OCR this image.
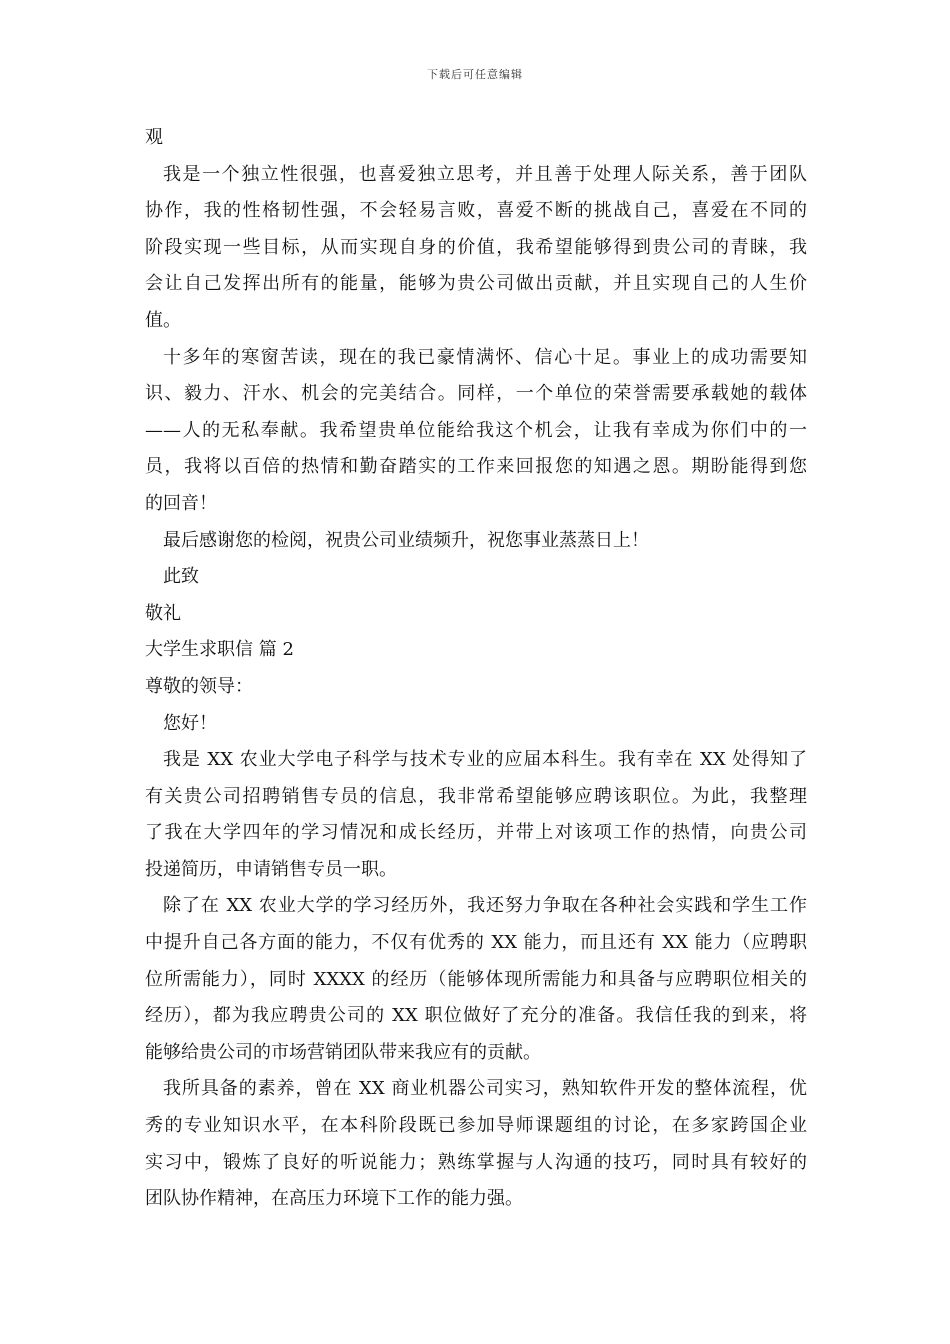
下载后可任意编辑
观
我是一个独立性很强，也喜爱独立思考，并且善于处理人际关系，善于团队
协作，我的性格韧性强，不会轻易言败，喜爱不断的挑战自己，喜爱在不同的
阶段实现一些目标，从而实现自身的价值，我希望能够得到贵公司的青睐，我
会让自己发挥出所有的能量，能够为贵公司做出贡献，并且实现自己的人生价
值。
十多年的寒窗苦读，现在的我已豪情满怀、信心十足。事业上的成功需要知
识、毅力、汗水、机会的完美结合。同样，一个单位的荣誉需要承载她的载体
——人的无私奉献。我希望贵单位能给我这个机会，让我有幸成为你们中的一
员，我将以百倍的热情和勤奋踏实的工作来回报您的知遇之恩。期盼能得到您
的回音！
最后感谢您的检阅，祝贵公司业绩频升，祝您事业蒸蒸日上！
此致
敬礼
大学生求职信 篇 2
尊敬的领导：
您好！
我是 XX 农业大学电子科学与技术专业的应届本科生。我有幸在 XX 处得知了
有关贵公司招聘销售专员的信息，我非常希望能够应聘该职位。为此，我整理
了我在大学四年的学习情况和成长经历，并带上对该项工作的热情，向贵公司
投递简历，申请销售专员一职。
除了在 XX 农业大学的学习经历外，我还努力争取在各种社会实践和学生工作
中提升自己各方面的能力，不仅有优秀的 XX 能力，而且还有 XX 能力（应聘职
位所需能力），同时 XXXX 的经历（能够体现所需能力和具备与应聘职位相关的
经历），都为我应聘贵公司的 XX 职位做好了充分的准备。我信任我的到来，将
能够给贵公司的市场营销团队带来我应有的贡献。
我所具备的素养，曾在 XX 商业机器公司实习，熟知软件开发的整体流程，优
秀的专业知识水平，在本科阶段既已参加导师课题组的讨论，在多家跨国企业
实习中，锻炼了良好的听说能力；熟练掌握与人沟通的技巧，同时具有较好的
团队协作精神，在高压力环境下工作的能力强。
